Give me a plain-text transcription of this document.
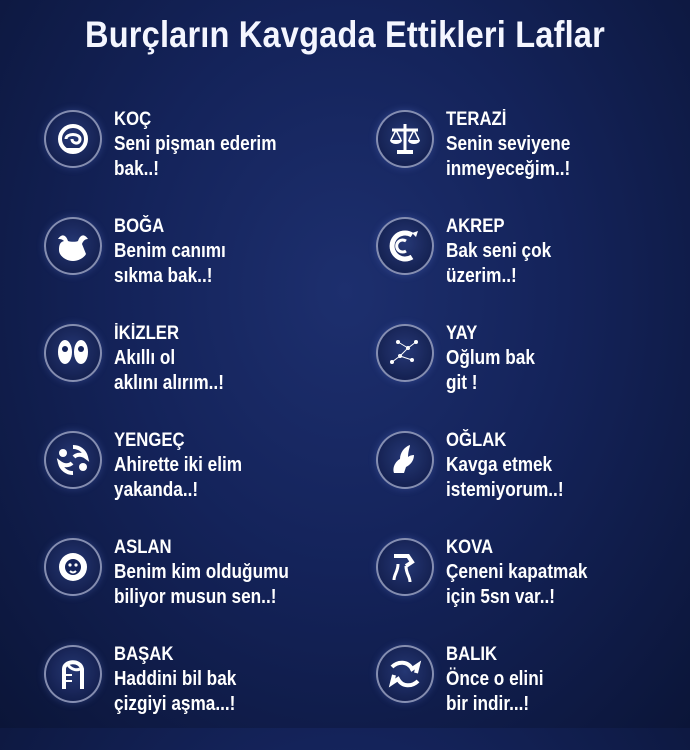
Burçların Kavgada Ettikleri Laflar
KOÇ
Seni pişman ederim
bak..!
BOĞA
Benim canımı
sıkma bak..!
İKİZLER
Akıllı ol
aklını alırım..!
YENGEÇ
Ahirette iki elim
yakanda..!
ASLAN
Benim kim olduğumu
biliyor musun sen..!
BAŞAK
Haddini bil bak
çizgiyi aşma...!
TERAZİ
Senin seviyene
inmeyeceğim..!
AKREP
Bak seni çok
üzerim..!
YAY
Oğlum bak
git !
OĞLAK
Kavga etmek
istemiyorum..!
KOVA
Çeneni kapatmak
için 5sn var..!
BALIK
Önce o elini
bir indir...!
